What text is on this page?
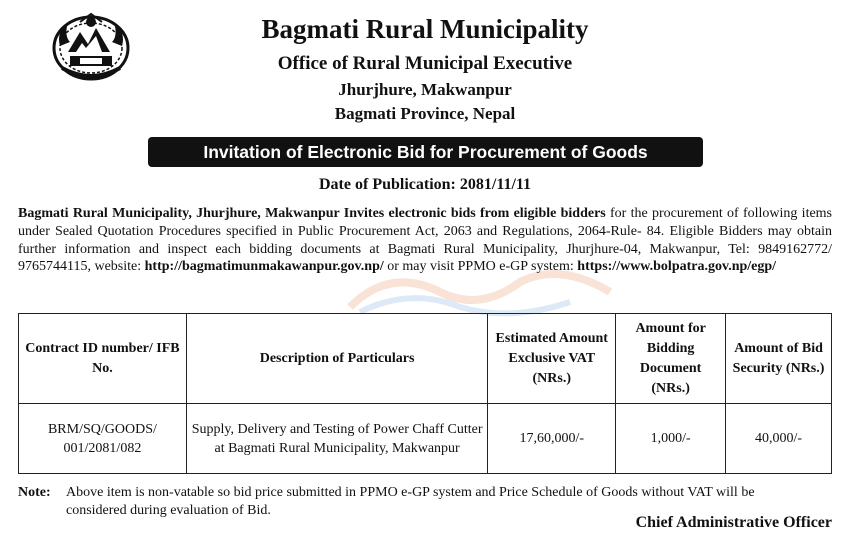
Bagmati Rural Municipality
Office of Rural Municipal Executive
Jhurjhure, Makwanpur
Bagmati Province, Nepal
Invitation of Electronic Bid for Procurement of Goods
Date of Publication: 2081/11/11
Bagmati Rural Municipality, Jhurjhure, Makwanpur Invites electronic bids from eligible bidders for the procurement of following items under Sealed Quotation Procedures specified in Public Procurement Act, 2063 and Regulations, 2064-Rule- 84. Eligible Bidders may obtain further information and inspect each bidding documents at Bagmati Rural Municipality, Jhurjhure-04, Makwanpur, Tel: 9849162772/ 9765744115, website: http://bagmatimunmakawanpur.gov.np/ or may visit PPMO e-GP system: https://www.bolpatra.gov.np/egp/
Contract ID number/ IFB No.	Description of Particulars	Estimated Amount Exclusive VAT (NRs.)	Amount for Bidding Document (NRs.)	Amount of Bid Security (NRs.)
BRM/SQ/GOODS/ 001/2081/082	Supply, Delivery and Testing of Power Chaff Cutter at Bagmati Rural Municipality, Makwanpur	17,60,000/-	1,000/-	40,000/-
Note: Above item is non-vatable so bid price submitted in PPMO e-GP system and Price Schedule of Goods without VAT will be considered during evaluation of Bid.
Chief Administrative Officer
